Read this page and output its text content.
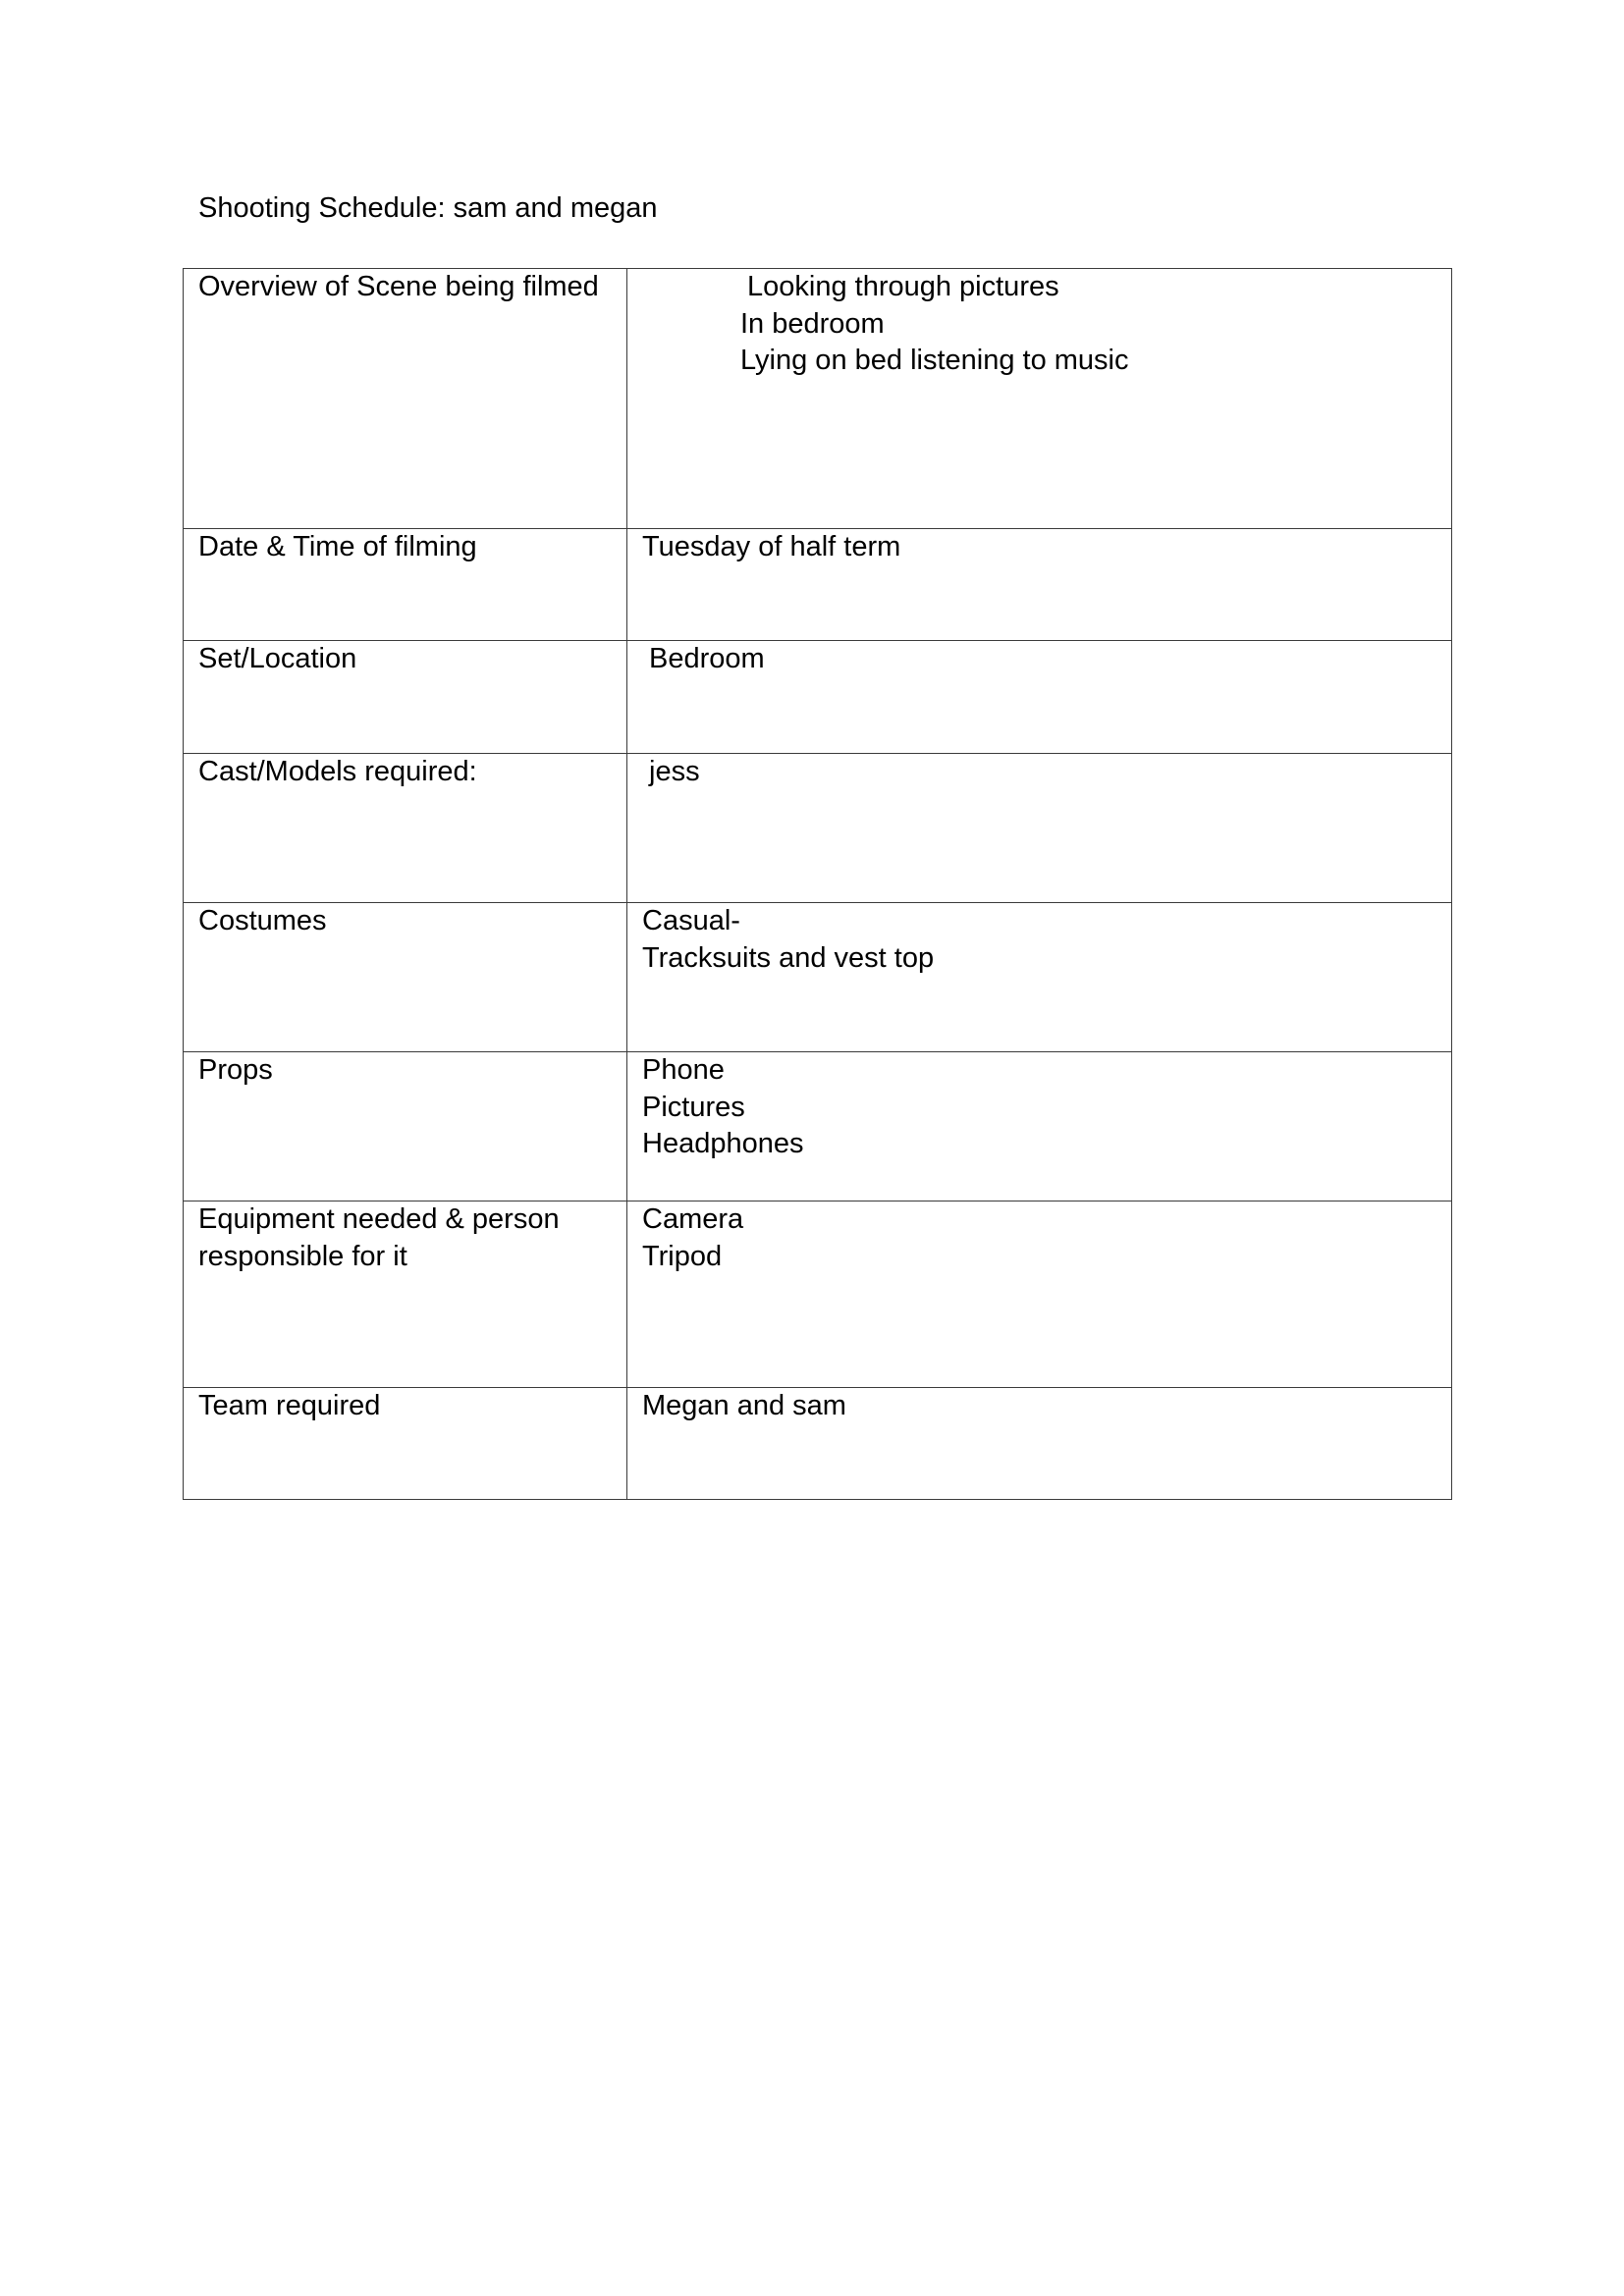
Shooting Schedule: sam and megan
Overview of Scene being filmed	Looking through pictures
In bedroom
Lying on bed listening to music

Date & Time of filming	Tuesday of half term

Set/Location	Bedroom

Cast/Models required:	jess

Costumes	Casual-
Tracksuits and vest top

Props	Phone
Pictures
Headphones

Equipment needed & person responsible for it	Camera
Tripod

Team required	Megan and sam
